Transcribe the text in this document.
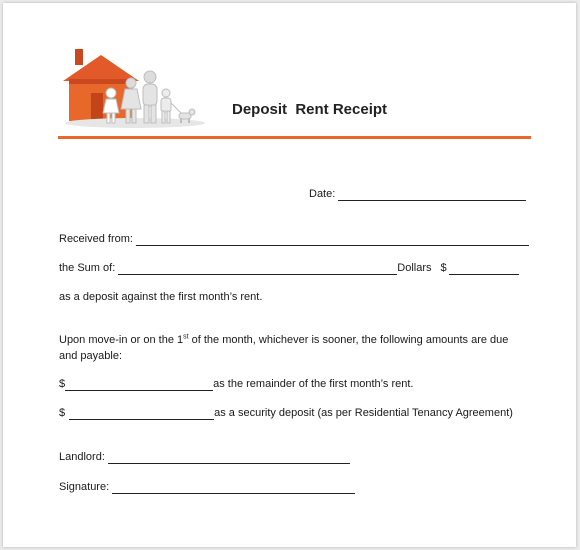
Deposit  Rent Receipt
Date:
Received from:
the Sum of:	Dollars $
as a deposit against the first month’s rent.
Upon move-in or on the 1st of the month, whichever is sooner, the following amounts are due and payable:
$	as the remainder of the first month’s rent.
$	as a security deposit (as per Residential Tenancy Agreement)
Landlord:
Signature:
